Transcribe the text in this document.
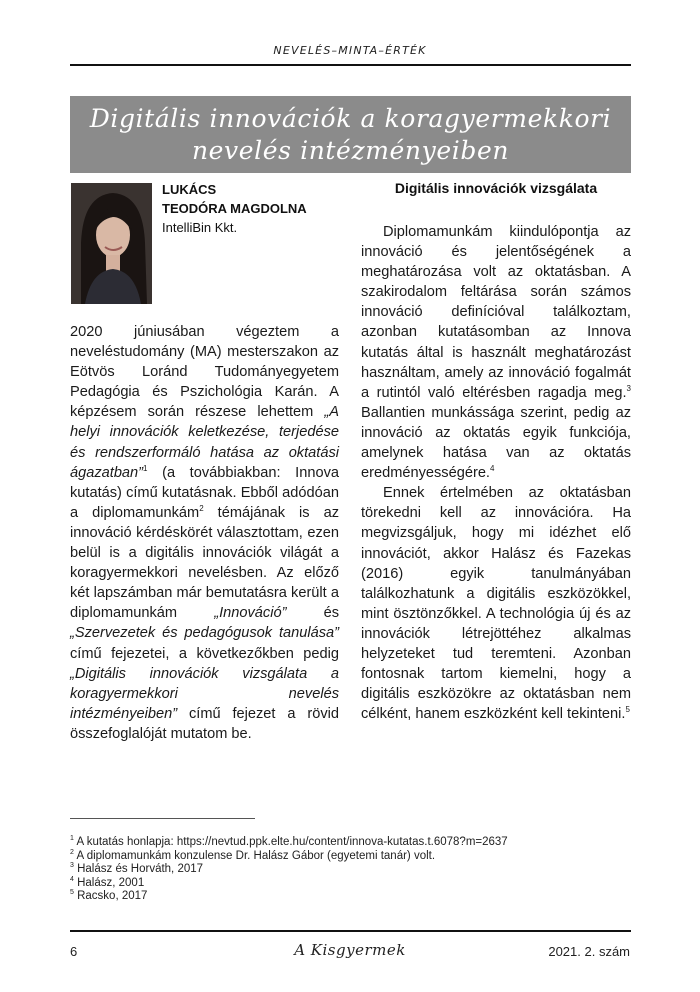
NEVELÉS–MINTA–ÉRTÉK
Digitális innovációk a koragyermekkori
nevelés intézményeiben
LUKÁCS
TEODÓRA MAGDOLNA
IntelliBin Kkt.

2020 júniusában végeztem a neveléstudomány (MA) mesterszakon az Eötvös Loránd Tudományegyetem Pedagógia és Pszichológia Karán. A képzésem során részese lehettem „A helyi innovációk keletkezése, terjedése és rendszerformáló hatása az oktatási ágazatban”$^1$ (a továbbiakban: Innova kutatás) című kutatásnak. Ebből adódóan a diplomamunkám$^2$ témájának is az innováció kérdéskörét választottam, ezen belül is a digitális innovációk világát a koragyermekkori nevelésben. Az előző két lapszámban már bemutatásra került a diplomamunkám „Innováció” és „Szervezetek és pedagógusok tanulása” című fejezetei, a következőkben pedig „Digitális innovációk vizsgálata a koragyermekkori nevelés intézményeiben” című fejezet a rövid összefoglalóját mutatom be.

Digitális innovációk vizsgálata

Diplomamunkám kiindulópontja az innováció és jelentőségének a meghatározása volt az oktatásban. A szakirodalom feltárása során számos innováció definícióval találkoztam, azonban kutatásomban az Innova kutatás által is használt meghatározást használtam, amely az innováció fogalmát a rutintól való eltérésben ragadja meg.$^3$ Ballantien munkássága szerint, pedig az innováció az oktatás egyik funkciója, amelynek hatása van az oktatás eredményességére.$^4$

Ennek értelmében az oktatásban törekedni kell az innovációra. Ha megvizsgáljuk, hogy mi idézhet elő innovációt, akkor Halász és Fazekas (2016) egyik tanulmányában találkozhatunk a digitális eszközökkel, mint ösztönzőkkel. A technológia új és az innovációk létrejöttéhez alkalmas helyzeteket tud teremteni. Azonban fontosnak tartom kiemelni, hogy a digitális eszközökre az oktatásban nem célként, hanem eszközként kell tekinteni.$^5$

$^1$ A kutatás honlapja: https://nevtud.ppk.elte.hu/content/innova-kutatas.t.6078?m=2637
$^2$ A diplomamunkám konzulense Dr. Halász Gábor (egyetemi tanár) volt.
$^3$ Halász és Horváth, 2017
$^4$ Halász, 2001
$^5$ Racsko, 2017
6	A Kisgyermek	2021. 2. szám
